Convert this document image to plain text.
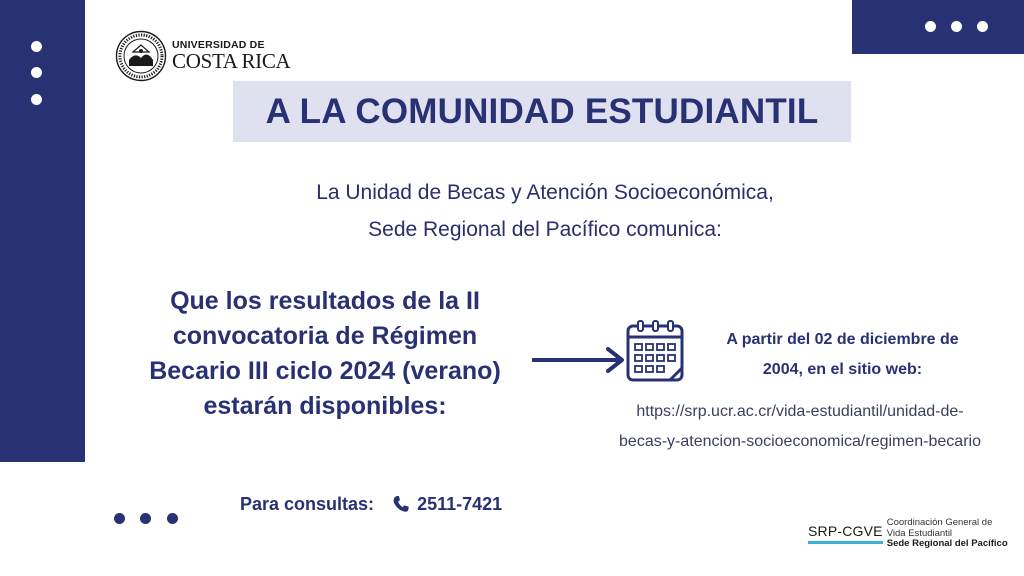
UNIVERSIDAD DE
COSTA RICA
A LA COMUNIDAD ESTUDIANTIL
La Unidad de Becas y Atención Socioeconómica,
Sede Regional del Pacífico comunica:
Que los resultados de la II
convocatoria de Régimen
Becario III ciclo 2024 (verano)
estarán disponibles:
A partir del 02 de diciembre de
2004, en el sitio web:
https://srp.ucr.ac.cr/vida-estudiantil/unidad-de-
becas-y-atencion-socioeconomica/regimen-becario
Para consultas: 2511-7421
SRP-CGVE
Coordinación General de
Vida Estudiantil
Sede Regional del Pacífico
